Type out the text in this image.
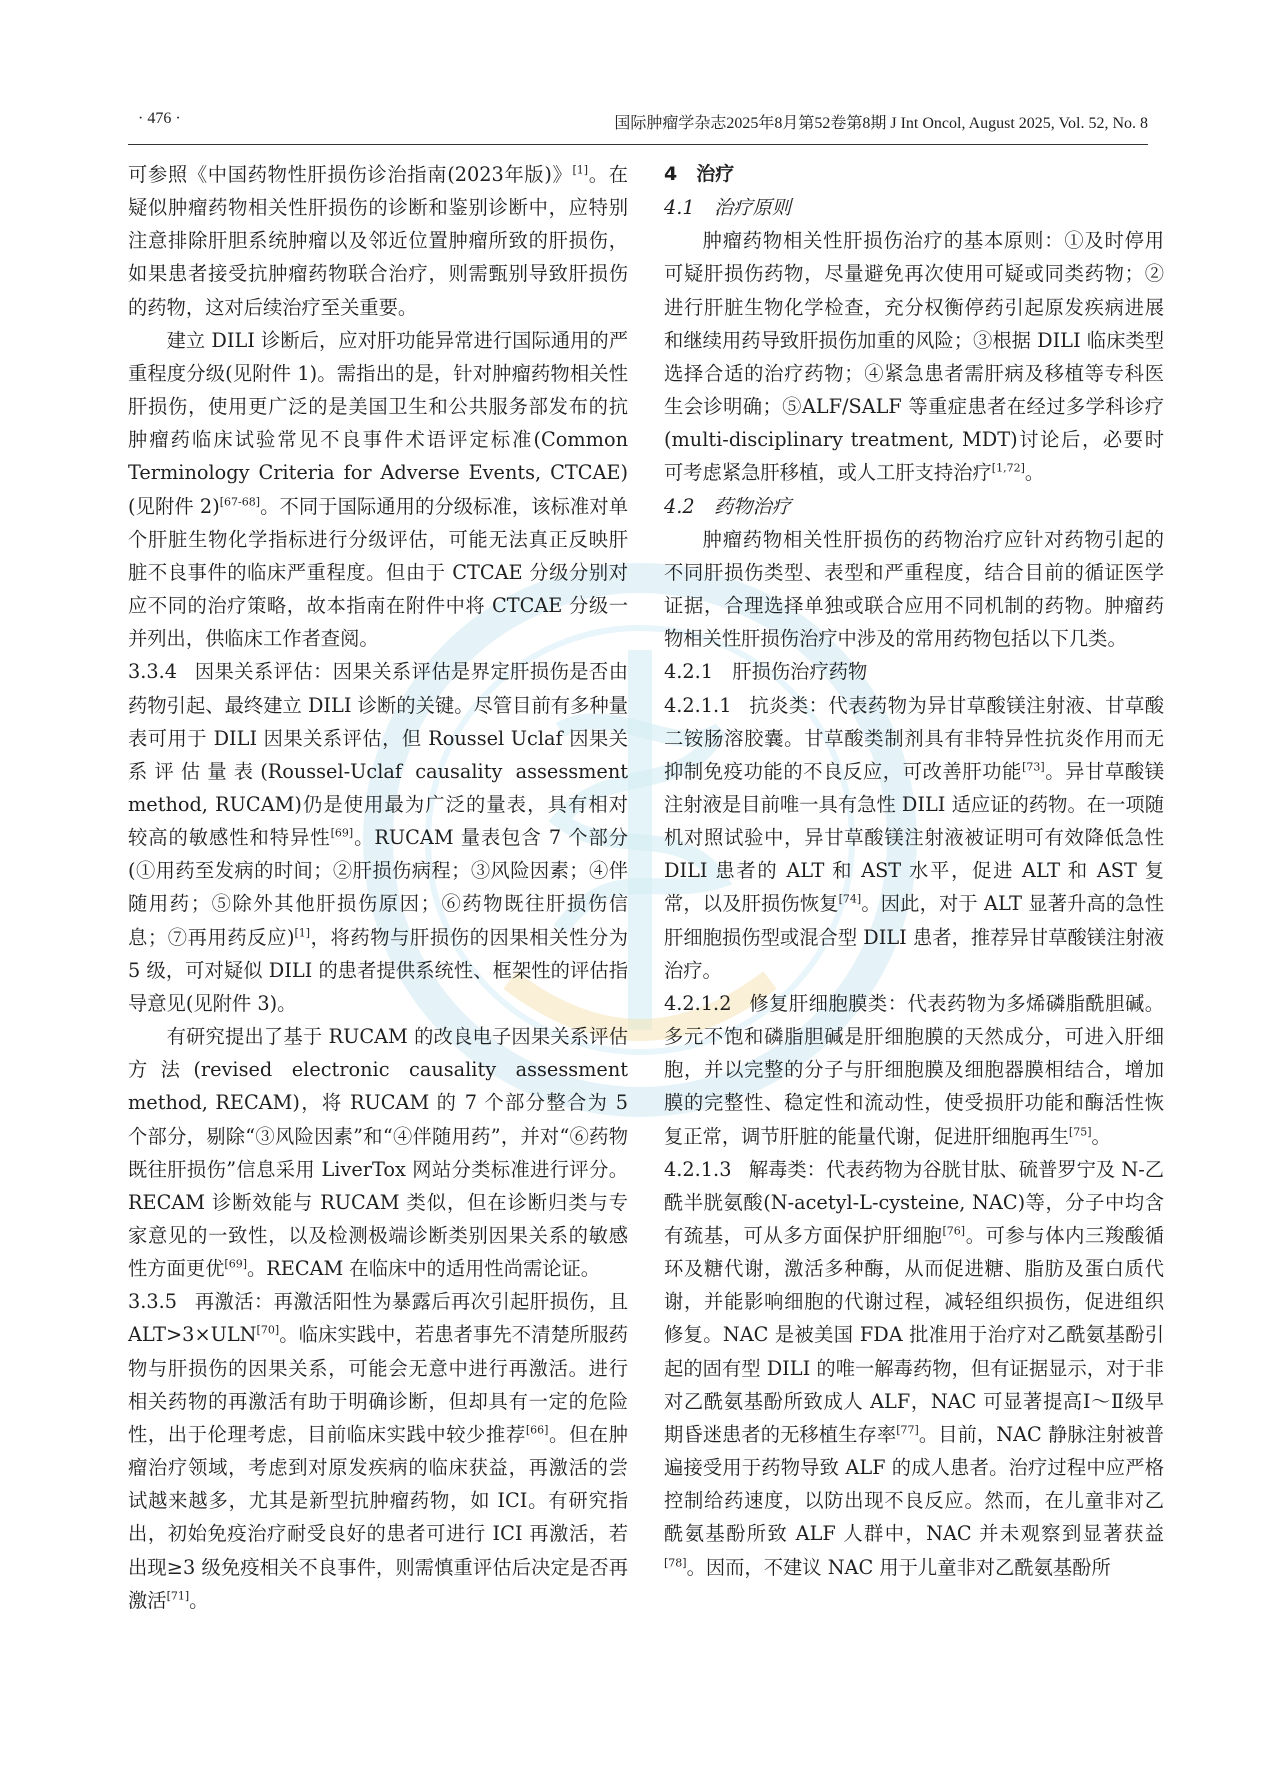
· 476 ·	国际肿瘤学杂志2025年8月第52卷第8期 J Int Oncol, August 2025, Vol. 52, No. 8

可参照《中国药物性肝损伤诊治指南(2023年版)》[1]。在疑似肿瘤药物相关性肝损伤的诊断和鉴别诊断中，应特别注意排除肝胆系统肿瘤以及邻近位置肿瘤所致的肝损伤，如果患者接受抗肿瘤药物联合治疗，则需甄别导致肝损伤的药物，这对后续治疗至关重要。

建立 DILI 诊断后，应对肝功能异常进行国际通用的严重程度分级(见附件 1)。需指出的是，针对肿瘤药物相关性肝损伤，使用更广泛的是美国卫生和公共服务部发布的抗肿瘤药临床试验常见不良事件术语评定标准(Common Terminology Criteria for Adverse Events, CTCAE)(见附件 2)[67-68]。不同于国际通用的分级标准，该标准对单个肝脏生物化学指标进行分级评估，可能无法真正反映肝脏不良事件的临床严重程度。但由于 CTCAE 分级分别对应不同的治疗策略，故本指南在附件中将 CTCAE 分级一并列出，供临床工作者查阅。

3.3.4 因果关系评估：因果关系评估是界定肝损伤是否由药物引起、最终建立 DILI 诊断的关键。尽管目前有多种量表可用于 DILI 因果关系评估，但 Roussel Uclaf 因果关系评估量表(Roussel-Uclaf causality assessment method, RUCAM)仍是使用最为广泛的量表，具有相对较高的敏感性和特异性[69]。RUCAM 量表包含 7 个部分(①用药至发病的时间；②肝损伤病程；③风险因素；④伴随用药；⑤除外其他肝损伤原因；⑥药物既往肝损伤信息；⑦再用药反应)[1]，将药物与肝损伤的因果相关性分为 5 级，可对疑似 DILI 的患者提供系统性、框架性的评估指导意见(见附件 3)。

有研究提出了基于 RUCAM 的改良电子因果关系评估方法(revised electronic causality assessment method, RECAM)，将 RUCAM 的 7 个部分整合为 5 个部分，剔除“③风险因素”和“④伴随用药”，并对“⑥药物既往肝损伤”信息采用 LiverTox 网站分类标准进行评分。RECAM 诊断效能与 RUCAM 类似，但在诊断归类与专家意见的一致性，以及检测极端诊断类别因果关系的敏感性方面更优[69]。RECAM 在临床中的适用性尚需论证。

3.3.5 再激活：再激活阳性为暴露后再次引起肝损伤，且 ALT>3×ULN[70]。临床实践中，若患者事先不清楚所服药物与肝损伤的因果关系，可能会无意中进行再激活。进行相关药物的再激活有助于明确诊断，但却具有一定的危险性，出于伦理考虑，目前临床实践中较少推荐[66]。但在肿瘤治疗领域，考虑到对原发疾病的临床获益，再激活的尝试越来越多，尤其是新型抗肿瘤药物，如 ICI。有研究指出，初始免疫治疗耐受良好的患者可进行 ICI 再激活，若出现≥3 级免疫相关不良事件，则需慎重评估后决定是否再激活[71]。

4　治疗

4.1　治疗原则

肿瘤药物相关性肝损伤治疗的基本原则：①及时停用可疑肝损伤药物，尽量避免再次使用可疑或同类药物；②进行肝脏生物化学检查，充分权衡停药引起原发疾病进展和继续用药导致肝损伤加重的风险；③根据 DILI 临床类型选择合适的治疗药物；④紧急患者需肝病及移植等专科医生会诊明确；⑤ALF/SALF 等重症患者在经过多学科诊疗(multi-disciplinary treatment, MDT)讨论后，必要时可考虑紧急肝移植，或人工肝支持治疗[1,72]。

4.2　药物治疗

肿瘤药物相关性肝损伤的药物治疗应针对药物引起的不同肝损伤类型、表型和严重程度，结合目前的循证医学证据，合理选择单独或联合应用不同机制的药物。肿瘤药物相关性肝损伤治疗中涉及的常用药物包括以下几类。

4.2.1　肝损伤治疗药物

4.2.1.1 抗炎类：代表药物为异甘草酸镁注射液、甘草酸二铵肠溶胶囊。甘草酸类制剂具有非特异性抗炎作用而无抑制免疫功能的不良反应，可改善肝功能[73]。异甘草酸镁注射液是目前唯一具有急性 DILI 适应证的药物。在一项随机对照试验中，异甘草酸镁注射液被证明可有效降低急性 DILI 患者的 ALT 和 AST 水平，促进 ALT 和 AST 复常，以及肝损伤恢复[74]。因此，对于 ALT 显著升高的急性肝细胞损伤型或混合型 DILI 患者，推荐异甘草酸镁注射液治疗。

4.2.1.2 修复肝细胞膜类：代表药物为多烯磷脂酰胆碱。多元不饱和磷脂胆碱是肝细胞膜的天然成分，可进入肝细胞，并以完整的分子与肝细胞膜及细胞器膜相结合，增加膜的完整性、稳定性和流动性，使受损肝功能和酶活性恢复正常，调节肝脏的能量代谢，促进肝细胞再生[75]。

4.2.1.3 解毒类：代表药物为谷胱甘肽、硫普罗宁及 N-乙酰半胱氨酸(N-acetyl-L-cysteine, NAC)等，分子中均含有巯基，可从多方面保护肝细胞[76]。可参与体内三羧酸循环及糖代谢，激活多种酶，从而促进糖、脂肪及蛋白质代谢，并能影响细胞的代谢过程，减轻组织损伤，促进组织修复。NAC 是被美国 FDA 批准用于治疗对乙酰氨基酚引起的固有型 DILI 的唯一解毒药物，但有证据显示，对于非对乙酰氨基酚所致成人 ALF，NAC 可显著提高Ⅰ～Ⅱ级早期昏迷患者的无移植生存率[77]。目前，NAC 静脉注射被普遍接受用于药物导致 ALF 的成人患者。治疗过程中应严格控制给药速度，以防出现不良反应。然而，在儿童非对乙酰氨基酚所致 ALF 人群中，NAC 并未观察到显著获益[78]。因而，不建议 NAC 用于儿童非对乙酰氨基酚所
